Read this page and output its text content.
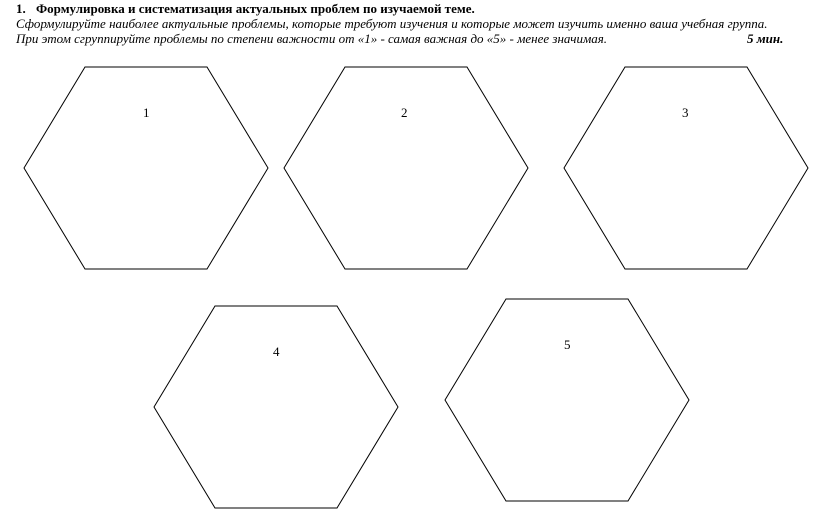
1. Формулировка и систематизация актуальных проблем по изучаемой теме.
Сформулируйте наиболее актуальные проблемы, которые требуют изучения и которые может изучить именно ваша учебная группа.
При этом сгруппируйте проблемы по степени важности от «1» - самая важная до «5» - менее значимая.	5 мин.
1	2	3
4	5
